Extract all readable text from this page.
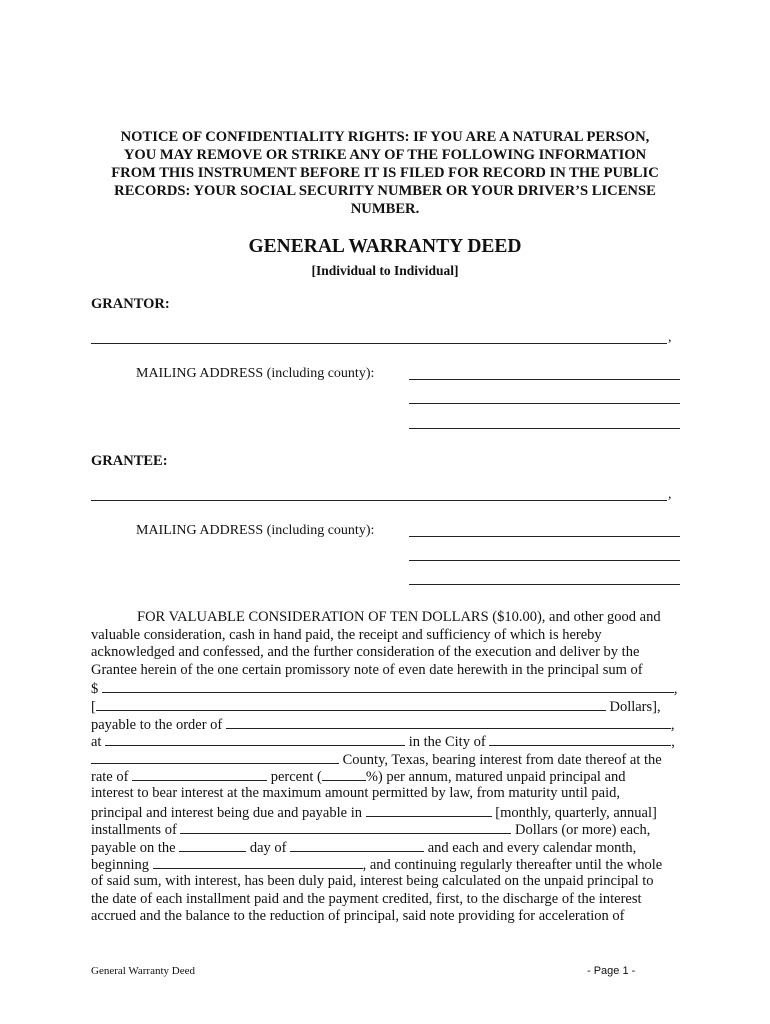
NOTICE OF CONFIDENTIALITY RIGHTS: IF YOU ARE A NATURAL PERSON,
YOU MAY REMOVE OR STRIKE ANY OF THE FOLLOWING INFORMATION
FROM THIS INSTRUMENT BEFORE IT IS FILED FOR RECORD IN THE PUBLIC
RECORDS: YOUR SOCIAL SECURITY NUMBER OR YOUR DRIVER’S LICENSE
NUMBER.
GENERAL WARRANTY DEED
[Individual to Individual]
GRANTOR:
,
MAILING ADDRESS (including county):
GRANTEE:
,
MAILING ADDRESS (including county):
FOR VALUABLE CONSIDERATION OF TEN DOLLARS ($10.00), and other good and
valuable consideration, cash in hand paid, the receipt and sufficiency of which is hereby
acknowledged and confessed, and the further consideration of the execution and deliver by the
Grantee herein of the one certain promissory note of even date herewith in the principal sum of
$	,
[	Dollars],
payable to the order of	,
at	in the City of	,
County, Texas, bearing interest from date thereof at the
rate of	percent (	%) per annum, matured unpaid principal and
interest to bear interest at the maximum amount permitted by law, from maturity until paid,
principal and interest being due and payable in	[monthly, quarterly, annual]
installments of	Dollars (or more) each,
payable on the	day of	and each and every calendar month,
beginning	, and continuing regularly thereafter until the whole
of said sum, with interest, has been duly paid, interest being calculated on the unpaid principal to
the date of each installment paid and the payment credited, first, to the discharge of the interest
accrued and the balance to the reduction of principal, said note providing for acceleration of
General Warranty Deed	- Page 1 -
